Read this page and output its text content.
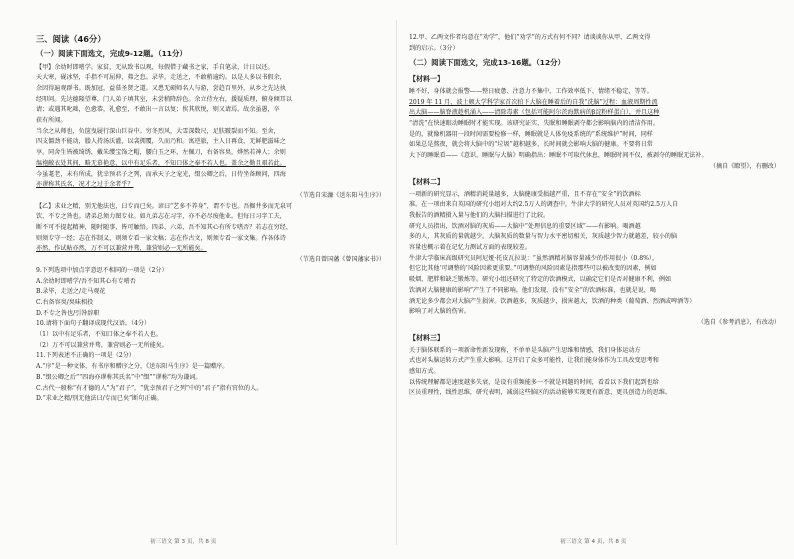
三、阅读（46分）
（一）阅读下面选文，完成9-12题。（11分）

【甲】余幼时即嗜学。家贫，无从致书以观，每假借于藏书之家，手自笔录，计日以还。

天大寒，砚冰坚，手指不可屈伸，弗之怠。录毕，走送之，不敢稍逾约。以是人多以书假余，

余因得遍观群书。既加冠，益慕圣贤之道。又患无硕师名人与游，尝趋百里外，从乡之先达执

经叩问。先达德隆望尊，门人弟子填其室，未尝稍降辞色。余立侍左右，援疑质理，俯身倾耳以

请；或遇其叱咄，色愈恭，礼愈至，不敢出一言以复；俟其欣悦，则又请焉。故余虽愚，卒

获有所闻。

当余之从师也，负箧曳屣行深山巨谷中。穷冬烈风，大雪深数尺，足肤皲裂而不知。至舍，

四支僵劲不能动，媵人持汤沃灌，以衾拥覆，久而乃和。寓逆旅，主人日再食，无鲜肥滋味之

享。同舍生皆被绮绣，戴朱缨宝饰之帽，腰白玉之环，左佩刀，右备容臭，烨然若神人；余则

缊袍敝衣处其间，略无慕艳意，以中有足乐者，不知口体之奉不若人也。盖余之勤且艰若此。

今虽耄老，未有所成，犹幸预君子之列，而承天子之宠光，缀公卿之后，日侍坐备顾问，四海

亦谬称其氏名，况才之过于余者乎？

（节选自宋濂《送东阳马生序》）

【乙】求业之精，别无他法也，曰专而已矣。谚曰“艺多不养身”，谓不专也。吾掘井多而无泉可

饮，不专之咎也。诸弟总须力图专业。如九弟志在习字，亦不必尽废他业。但每日习字工夫，

断不可不提起精神，随时随事，皆可触悟。四弟、六弟，吾不知其心有所专嗜否？若志在穷经，

则须专守一经；志在作制义，则须专看一家文稿；志在作古文，则须专看一家文集。作各体诗

亦然，作试帖亦然，万不可以兼营并骛，兼营则必一无所能矣。

（节选自曾国藩《曾国藩家书》）

9.下列选项中加点字意思不相同的一项是（2分）

A.余幼时即嗜学/吾不知其心有专嗜否

B.录毕，走送之/走马观花

C.右备容臭/臭味相投

D.不专之咎也/引咎辞职

10.请将下面句子翻译成现代汉语。（4分）

（1）以中有足乐者，不知口体之奉不若人也。

（2）万不可以兼营并骛，兼营则必一无所能矣。

11.下列表述不正确的一项是（2分）

A.“序”是一种文体，有书序和赠序之分，《送东阳马生序》是一篇赠序。

B.“缀公卿之后”“四海亦谬称其氏名”中“缀”“谬称”均为谦词。

C.古代一般称“有才德的人”为“君子”，“犹幸预君子之列”中的“君子”指有官位的人。

D.“求业之精/别无他法曰/专而已矣”断句正确。

12.甲、乙两文作者均意在“劝学”，他们“劝学”的方式有何不同？请谈谈你从甲、乙两文得

到的启示。（3分）

（二）阅读下面选文，完成13-16题。（12分）
【材料一】

睡不好，身体就会报警——整日疲惫、注意力不集中、工作效率低下、情绪不稳定，等等。

2019 年 11 月，波士顿大学科学家首次拍下大脑在睡着后的自我“洗脑”过程：血液周期性流

出大脑——脑脊液趁机涌入——清除毒素（包括可能阿尔茨海默病的β淀粉样蛋白），并且这种

“清洗”在快速眼动睡眠时才能实现。该研究证实，失眠和睡眠剥夺都会影响脑内的清洁作用。

是的，就像机器用一段时间需要检修一样，睡眠就是人体免疫系统的“系统维护”时间，同样

如果总是熬夜，就会将大脑中的“垃圾”越积越多，长时间就会影响大脑的健康。不要将日常

大下的睡眠看——《意识、睡眠与大脑》明确指出：睡眠不可取代休息，睡眠时间不仅，被剥夺的睡眠无法补。

（摘自《瞭望》，有删改）

【材料二】

一项新的研究显示，酒精消耗量越多，大脑健康受损越严重，且不存在“安全”的饮酒标

准。在一项由来自英国的研究小组对大约2.5万人的调查中，牛津大学的研究人员对英国约2.5万人自

我报告的酒精摄入量与他们的大脑扫描进行了比较。

研究人员指出，饮酒对脑的灰质——大脑中“处理信息的重要区域”——有影响。喝酒越

多的人，其灰质的量就越少。大脑灰质的数量与智力水平密切相关，灰质越少智力就越差，较小的脑

容量也概示着在记忆力测试方面的表现较差。

牛津大学临床高级研究员阿尼娅·托皮瓦拉说：“虽然酒精对脑容量减少的作用很小（0.8%），

但它比其他‘可调整的’风险因素更重要。”可调整的风险因素是指那些可以被改变的因素，例如

吸烟、肥胖和缺乏锻炼等。研究小组还研究了特定的饮酒模式，以确定它们是否对健康不利，例如

饮酒对大脑健康的影响”产生了不同影响。他们发现，没有“安全”的饮酒标准，也就是说，喝

酒无论多少都会对大脑产生损害。饮酒越多，灰质越少，损害越大，饮酒的种类（葡萄酒、烈酒或啤酒等）

影响了对大脑的伤害。

（选自《参考消息》，有改动）

【材料三】

关于脑体联系的一项新命性新发现称，不单单是头脑产生思维和情感，我们身体运动方

式也对头脑运转方式产生重大影响。这开启了众多可能性，让我们能身体作为工具改变思考和

感知方式。

以传统理解都是速度越多失衰，是设有重频能多一不就是问题的时间，看看以下我们起到也给

区员重理性，线性思维，研究表明，减弱这些脑区的活动能够实现更有新意，更具创造力的思维。

初三语文 第 3 页，共 8 页	初三语文 第 4 页，共 8 页
